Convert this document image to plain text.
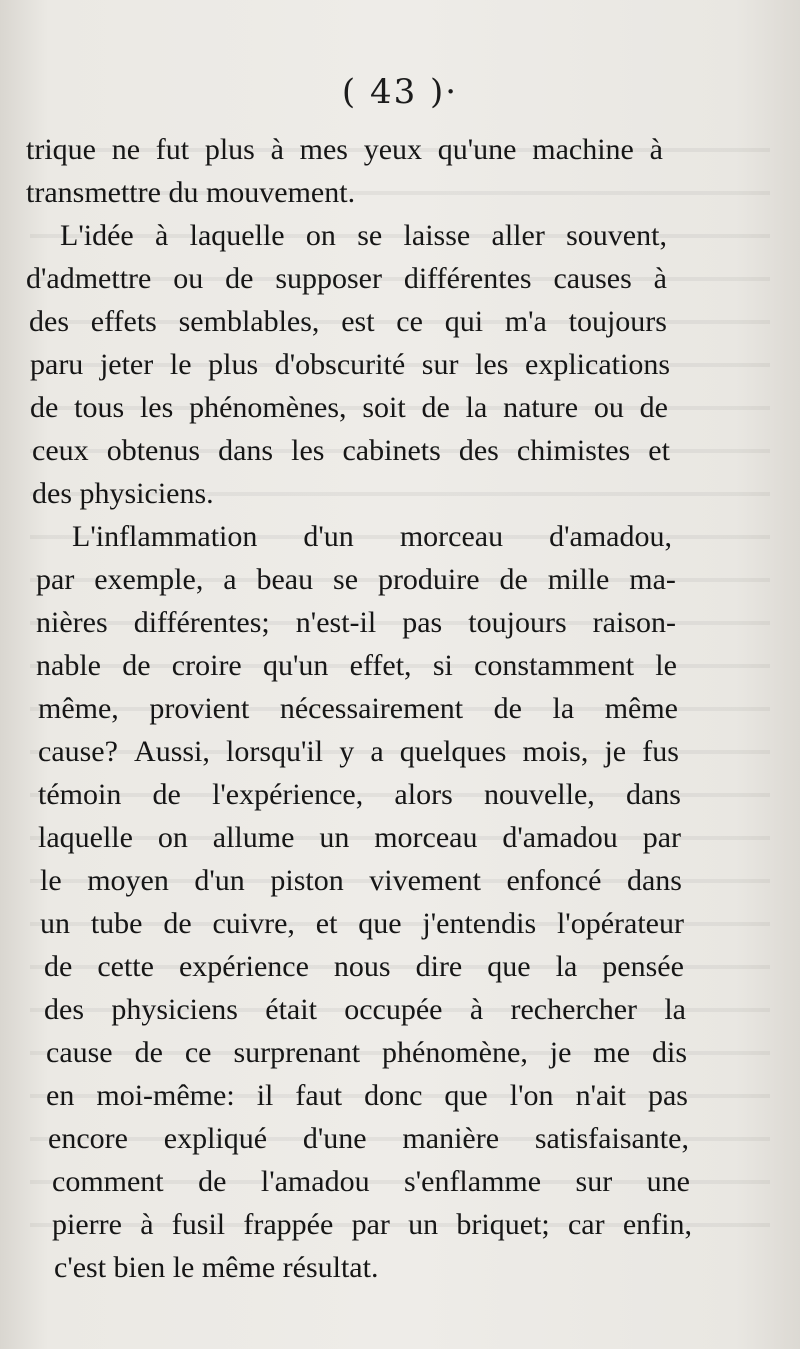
( 43 )·
trique ne fut plus à mes yeux qu'une machine à
transmettre du mouvement.
L'idée à laquelle on se laisse aller souvent,
d'admettre ou de supposer différentes causes à
des effets semblables, est ce qui m'a toujours
paru jeter le plus d'obscurité sur les explications
de tous les phénomènes, soit de la nature ou de
ceux obtenus dans les cabinets des chimistes et
des physiciens.
L'inflammation d'un morceau d'amadou,
par exemple, a beau se produire de mille ma-
nières différentes; n'est-il pas toujours raison-
nable de croire qu'un effet, si constamment le
même, provient nécessairement de la même
cause? Aussi, lorsqu'il y a quelques mois, je fus
témoin de l'expérience, alors nouvelle, dans
laquelle on allume un morceau d'amadou par
le moyen d'un piston vivement enfoncé dans
un tube de cuivre, et que j'entendis l'opérateur
de cette expérience nous dire que la pensée
des physiciens était occupée à rechercher la
cause de ce surprenant phénomène, je me dis
en moi-même: il faut donc que l'on n'ait pas
encore expliqué d'une manière satisfaisante,
comment de l'amadou s'enflamme sur une
pierre à fusil frappée par un briquet; car enfin,
c'est bien le même résultat.
